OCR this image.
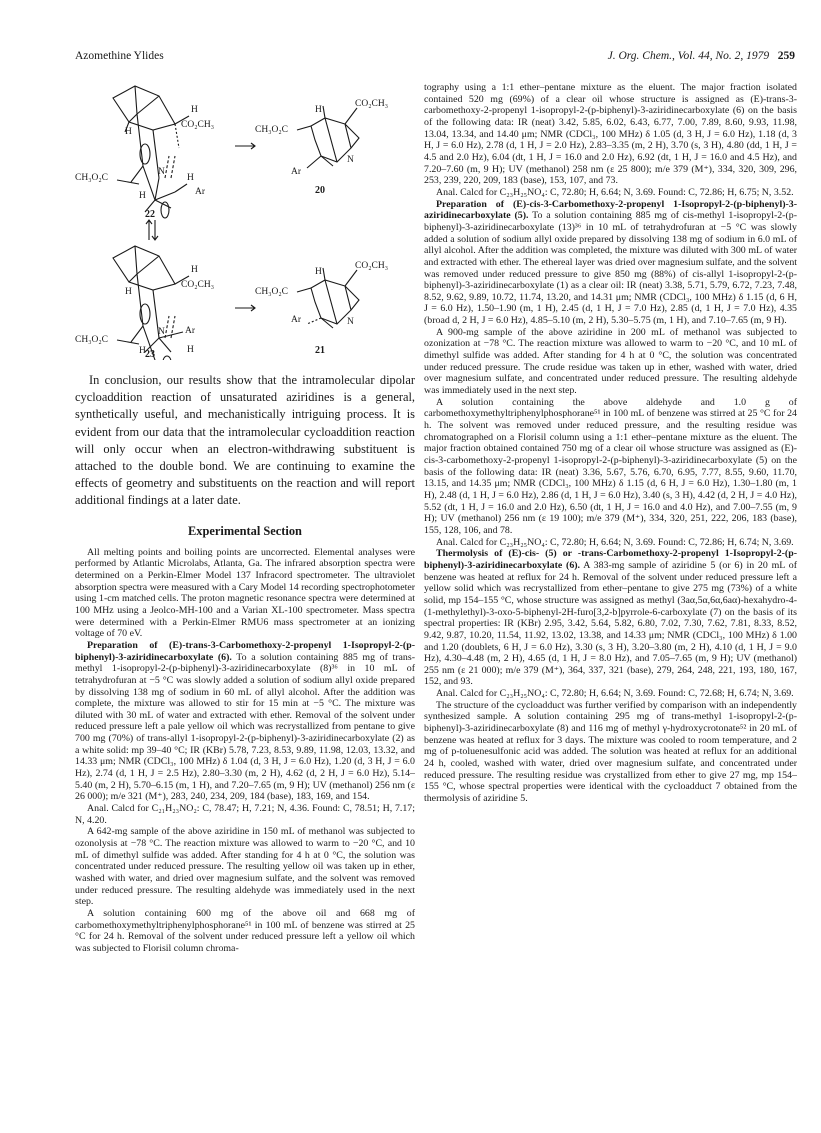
Azomethine Ylides	J. Org. Chem., Vol. 44, No. 2, 1979 259
H
CO₂CH₃
H
N
H
CH₃O₂C
H	Ar
22
H
CO₂CH₃
H
N Ar
CH₃O₂C
H	H
23
H
CO₂CH₃
CH₃O₂C
N
Ar
20
H
CO₂CH₃
CH₃O₂C
N
Ar
21

In conclusion, our results show that the intramolecular dipolar cycloaddition reaction of unsaturated aziridines is a general, synthetically useful, and mechanistically intriguing process. It is evident from our data that the intramolecular cycloaddition reaction will only occur when an electron-withdrawing substituent is attached to the double bond. We are continuing to examine the effects of geometry and substituents on the reaction and will report additional findings at a later date.

Experimental Section

All melting points and boiling points are uncorrected. Elemental analyses were performed by Atlantic Microlabs, Atlanta, Ga. The infrared absorption spectra were determined on a Perkin-Elmer Model 137 Infracord spectrometer. The ultraviolet absorption spectra were measured with a Cary Model 14 recording spectrophotometer using 1-cm matched cells. The proton magnetic resonance spectra were determined at 100 MHz using a Jeolco-MH-100 and a Varian XL-100 spectrometer. Mass spectra were determined with a Perkin-Elmer RMU6 mass spectrometer at an ionizing voltage of 70 eV.

Preparation of (E)-trans-3-Carbomethoxy-2-propenyl 1-Isopropyl-2-(p-biphenyl)-3-aziridinecarboxylate (6). To a solution containing 885 mg of trans-methyl 1-isopropyl-2-(p-biphenyl)-3-aziridinecarboxylate (8)³⁶ in 10 mL of tetrahydrofuran at −5 °C was slowly added a solution of sodium allyl oxide prepared by dissolving 138 mg of sodium in 60 mL of allyl alcohol. After the addition was complete, the mixture was allowed to stir for 15 min at −5 °C. The mixture was diluted with 30 mL of water and extracted with ether. Removal of the solvent under reduced pressure left a pale yellow oil which was recrystallized from pentane to give 700 mg (70%) of trans-allyl 1-isopropyl-2-(p-biphenyl)-3-aziridinecarboxylate (2) as a white solid: mp 39–40 °C; IR (KBr) 5.78, 7.23, 8.53, 9.89, 11.98, 12.03, 13.32, and 14.33 μm; NMR (CDCl₃, 100 MHz) δ 1.04 (d, 3 H, J = 6.0 Hz), 1.20 (d, 3 H, J = 6.0 Hz), 2.74 (d, 1 H, J = 2.5 Hz), 2.80–3.30 (m, 2 H), 4.62 (d, 2 H, J = 6.0 Hz), 5.14–5.40 (m, 2 H), 5.70–6.15 (m, 1 H), and 7.20–7.65 (m, 9 H); UV (methanol) 256 nm (ε 26 000); m/e 321 (M⁺), 283, 240, 234, 209, 184 (base), 183, 169, and 154.

Anal. Calcd for C₂₁H₂₃NO₂: C, 78.47; H, 7.21; N, 4.36. Found: C, 78.51; H, 7.17; N, 4.20.

A 642-mg sample of the above aziridine in 150 mL of methanol was subjected to ozonolysis at −78 °C. The reaction mixture was allowed to warm to −20 °C, and 10 mL of dimethyl sulfide was added. After standing for 4 h at 0 °C, the solution was concentrated under reduced pressure. The resulting yellow oil was taken up in ether, washed with water, and dried over magnesium sulfate, and the solvent was removed under reduced pressure. The resulting aldehyde was immediately used in the next step.

A solution containing 600 mg of the above oil and 668 mg of carbomethoxymethyltriphenylphosphorane⁵¹ in 100 mL of benzene was stirred at 25 °C for 24 h. Removal of the solvent under reduced pressure left a yellow oil which was subjected to Florisil column chroma-

tography using a 1:1 ether–pentane mixture as the eluent. The major fraction isolated contained 520 mg (69%) of a clear oil whose structure is assigned as (E)-trans-3-carbomethoxy-2-propenyl 1-isopropyl-2-(p-biphenyl)-3-aziridinecarboxylate (6) on the basis of the following data: IR (neat) 3.42, 5.85, 6.02, 6.43, 6.77, 7.00, 7.89, 8.60, 9.93, 11.98, 13.04, 13.34, and 14.40 μm; NMR (CDCl₃, 100 MHz) δ 1.05 (d, 3 H, J = 6.0 Hz), 1.18 (d, 3 H, J = 6.0 Hz), 2.78 (d, 1 H, J = 2.0 Hz), 2.83–3.35 (m, 2 H), 3.70 (s, 3 H), 4.80 (dd, 1 H, J = 4.5 and 2.0 Hz), 6.04 (dt, 1 H, J = 16.0 and 2.0 Hz), 6.92 (dt, 1 H, J = 16.0 and 4.5 Hz), and 7.20–7.60 (m, 9 H); UV (methanol) 258 nm (ε 25 800); m/e 379 (M⁺), 334, 320, 309, 296, 253, 239, 220, 209, 183 (base), 153, 107, and 73.

Anal. Calcd for C₂₃H₂₅NO₄: C, 72.80; H, 6.64; N, 3.69. Found: C, 72.86; H, 6.75; N, 3.52.

Preparation of (E)-cis-3-Carbomethoxy-2-propenyl 1-Isopropyl-2-(p-biphenyl)-3-aziridinecarboxylate (5). To a solution containing 885 mg of cis-methyl 1-isopropyl-2-(p-biphenyl)-3-aziridinecarboxylate (13)³⁶ in 10 mL of tetrahydrofuran at −5 °C was slowly added a solution of sodium allyl oxide prepared by dissolving 138 mg of sodium in 6.0 mL of allyl alcohol. After the addition was completed, the mixture was diluted with 300 mL of water and extracted with ether. The ethereal layer was dried over magnesium sulfate, and the solvent was removed under reduced pressure to give 850 mg (88%) of cis-allyl 1-isopropyl-2-(p-biphenyl)-3-aziridinecarboxylate (1) as a clear oil: IR (neat) 3.38, 5.71, 5.79, 6.72, 7.23, 7.48, 8.52, 9.62, 9.89, 10.72, 11.74, 13.20, and 14.31 μm; NMR (CDCl₃, 100 MHz) δ 1.15 (d, 6 H, J = 6.0 Hz), 1.50–1.90 (m, 1 H), 2.45 (d, 1 H, J = 7.0 Hz), 2.85 (d, 1 H, J = 7.0 Hz), 4.35 (broad d, 2 H, J = 6.0 Hz), 4.85–5.10 (m, 2 H), 5.30–5.75 (m, 1 H), and 7.10–7.65 (m, 9 H).

A 900-mg sample of the above aziridine in 200 mL of methanol was subjected to ozonization at −78 °C. The reaction mixture was allowed to warm to −20 °C, and 10 mL of dimethyl sulfide was added. After standing for 4 h at 0 °C, the solution was concentrated under reduced pressure. The crude residue was taken up in ether, washed with water, dried over magnesium sulfate, and concentrated under reduced pressure. The resulting aldehyde was immediately used in the next step.

A solution containing the above aldehyde and 1.0 g of carbomethoxymethyltriphenylphosphorane⁵¹ in 100 mL of benzene was stirred at 25 °C for 24 h. The solvent was removed under reduced pressure, and the resulting residue was chromatographed on a Florisil column using a 1:1 ether–pentane mixture as the eluent. The major fraction obtained contained 750 mg of a clear oil whose structure was assigned as (E)-cis-3-carbomethoxy-2-propenyl 1-isopropyl-2-(p-biphenyl)-3-aziridinecarboxylate (5) on the basis of the following data: IR (neat) 3.36, 5.67, 5.76, 6.70, 6.95, 7.77, 8.55, 9.60, 11.70, 13.15, and 14.35 μm; NMR (CDCl₃, 100 MHz) δ 1.15 (d, 6 H, J = 6.0 Hz), 1.30–1.80 (m, 1 H), 2.48 (d, 1 H, J = 6.0 Hz), 2.86 (d, 1 H, J = 6.0 Hz), 3.40 (s, 3 H), 4.42 (d, 2 H, J = 4.0 Hz), 5.52 (dt, 1 H, J = 16.0 and 2.0 Hz), 6.50 (dt, 1 H, J = 16.0 and 4.0 Hz), and 7.00–7.55 (m, 9 H); UV (methanol) 256 nm (ε 19 100); m/e 379 (M⁺), 334, 320, 251, 222, 206, 183 (base), 155, 128, 106, and 78.

Anal. Calcd for C₂₃H₂₅NO₄: C, 72.80; H, 6.64; N, 3.69. Found: C, 72.86; H, 6.74; N, 3.69.

Thermolysis of (E)-cis- (5) or -trans-Carbomethoxy-2-propenyl 1-Isopropyl-2-(p-biphenyl)-3-aziridinecarboxylate (6). A 383-mg sample of aziridine 5 (or 6) in 20 mL of benzene was heated at reflux for 24 h. Removal of the solvent under reduced pressure left a yellow solid which was recrystallized from ether–pentane to give 275 mg (73%) of a white solid, mp 154–155 °C, whose structure was assigned as methyl (3aα,5α,6α,6aα)-hexahydro-4-(1-methylethyl)-3-oxo-5-biphenyl-2H-furo[3,2-b]pyrrole-6-carboxylate (7) on the basis of its spectral properties: IR (KBr) 2.95, 3.42, 5.64, 5.82, 6.80, 7.02, 7.30, 7.62, 7.81, 8.33, 8.52, 9.42, 9.87, 10.20, 11.54, 11.92, 13.02, 13.38, and 14.33 μm; NMR (CDCl₃, 100 MHz) δ 1.00 and 1.20 (doublets, 6 H, J = 6.0 Hz), 3.30 (s, 3 H), 3.20–3.80 (m, 2 H), 4.10 (d, 1 H, J = 9.0 Hz), 4.30–4.48 (m, 2 H), 4.65 (d, 1 H, J = 8.0 Hz), and 7.05–7.65 (m, 9 H); UV (methanol) 255 nm (ε 21 000); m/e 379 (M⁺), 364, 337, 321 (base), 279, 264, 248, 221, 193, 180, 167, 152, and 93.

Anal. Calcd for C₂₃H₂₅NO₄: C, 72.80; H, 6.64; N, 3.69. Found: C, 72.68; H, 6.74; N, 3.69.

The structure of the cycloadduct was further verified by comparison with an independently synthesized sample. A solution containing 295 mg of trans-methyl 1-isopropyl-2-(p-biphenyl)-3-aziridinecarboxylate (8) and 116 mg of methyl γ-hydroxycrotonate⁵² in 20 mL of benzene was heated at reflux for 3 days. The mixture was cooled to room temperature, and 2 mg of p-toluenesulfonic acid was added. The solution was heated at reflux for an additional 24 h, cooled, washed with water, dried over magnesium sulfate, and concentrated under reduced pressure. The resulting residue was crystallized from ether to give 27 mg, mp 154–155 °C, whose spectral properties were identical with the cycloadduct 7 obtained from the thermolysis of aziridine 5.
